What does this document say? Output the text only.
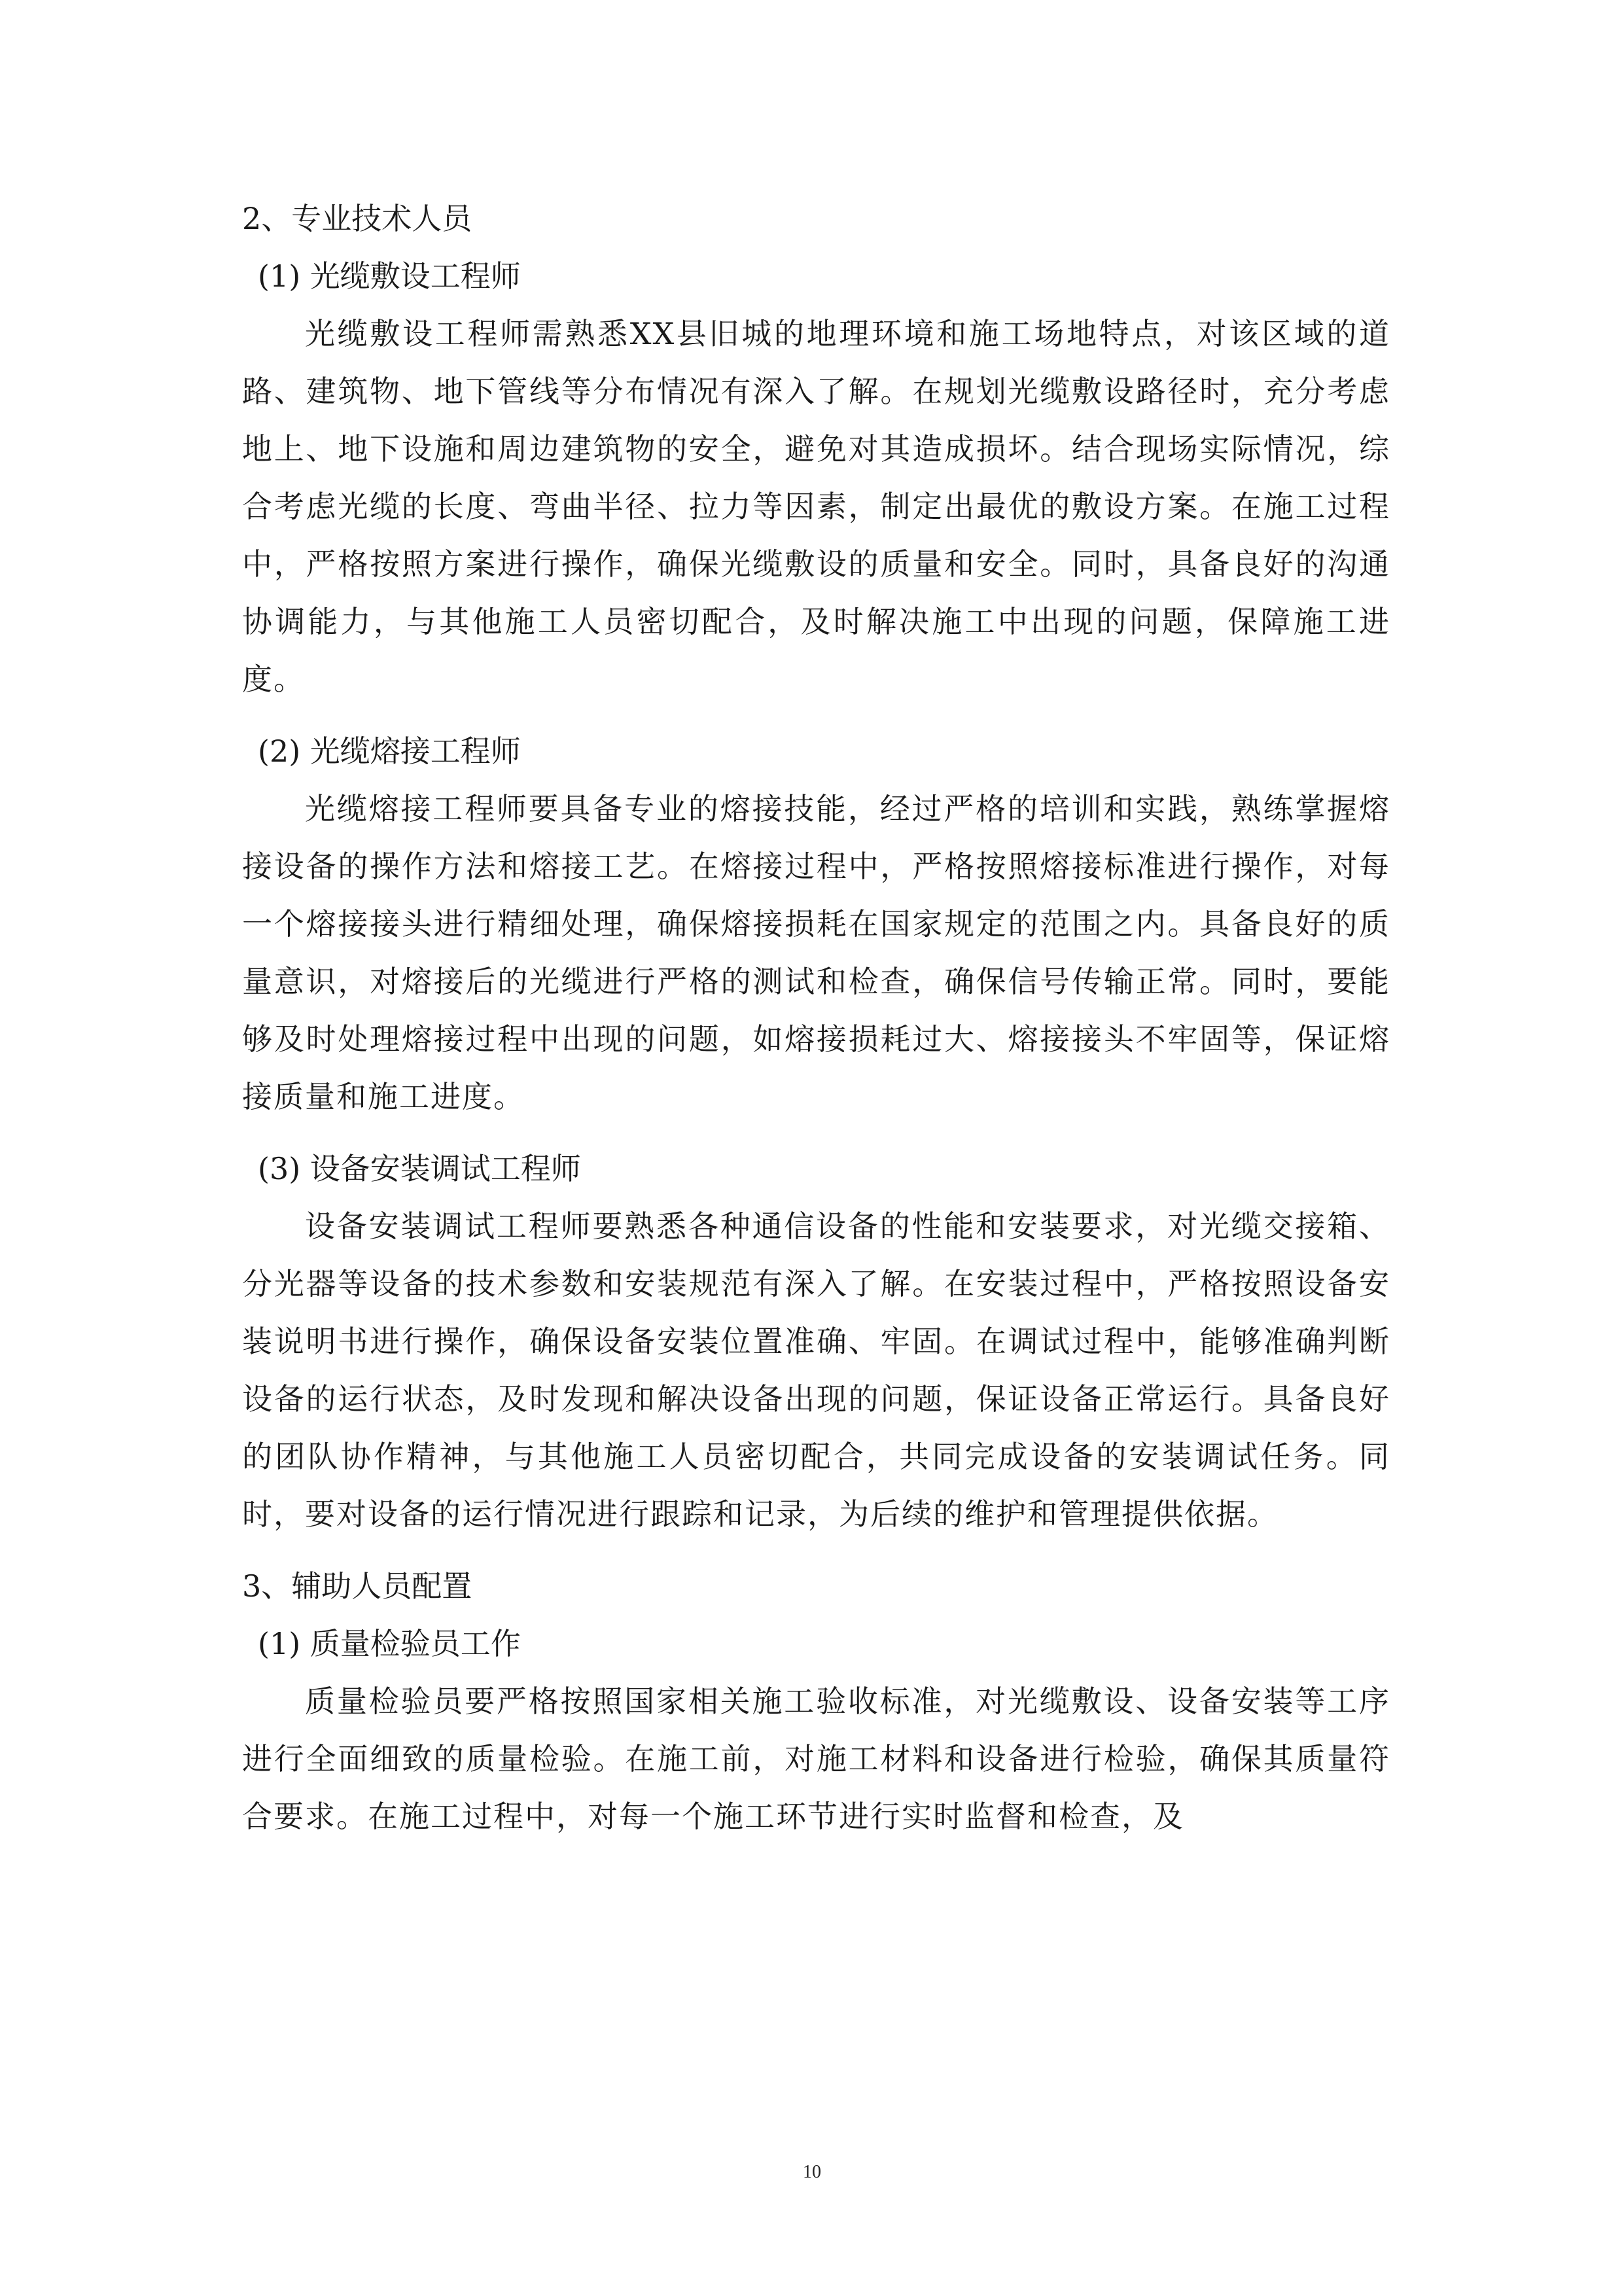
2、专业技术人员
(1) 光缆敷设工程师

光缆敷设工程师需熟悉XX县旧城的地理环境和施工场地特点，对该区域的道路、建筑物、地下管线等分布情况有深入了解。在规划光缆敷设路径时，充分考虑地上、地下设施和周边建筑物的安全，避免对其造成损坏。结合现场实际情况，综合考虑光缆的长度、弯曲半径、拉力等因素，制定出最优的敷设方案。在施工过程中，严格按照方案进行操作，确保光缆敷设的质量和安全。同时，具备良好的沟通协调能力，与其他施工人员密切配合，及时解决施工中出现的问题，保障施工进度。

(2) 光缆熔接工程师

光缆熔接工程师要具备专业的熔接技能，经过严格的培训和实践，熟练掌握熔接设备的操作方法和熔接工艺。在熔接过程中，严格按照熔接标准进行操作，对每一个熔接接头进行精细处理，确保熔接损耗在国家规定的范围之内。具备良好的质量意识，对熔接后的光缆进行严格的测试和检查，确保信号传输正常。同时，要能够及时处理熔接过程中出现的问题，如熔接损耗过大、熔接接头不牢固等，保证熔接质量和施工进度。

(3) 设备安装调试工程师

设备安装调试工程师要熟悉各种通信设备的性能和安装要求，对光缆交接箱、分光器等设备的技术参数和安装规范有深入了解。在安装过程中，严格按照设备安装说明书进行操作，确保设备安装位置准确、牢固。在调试过程中，能够准确判断设备的运行状态，及时发现和解决设备出现的问题，保证设备正常运行。具备良好的团队协作精神，与其他施工人员密切配合，共同完成设备的安装调试任务。同时，要对设备的运行情况进行跟踪和记录，为后续的维护和管理提供依据。

3、辅助人员配置
(1) 质量检验员工作

质量检验员要严格按照国家相关施工验收标准，对光缆敷设、设备安装等工序进行全面细致的质量检验。在施工前，对施工材料和设备进行检验，确保其质量符合要求。在施工过程中，对每一个施工环节进行实时监督和检查，及

10
